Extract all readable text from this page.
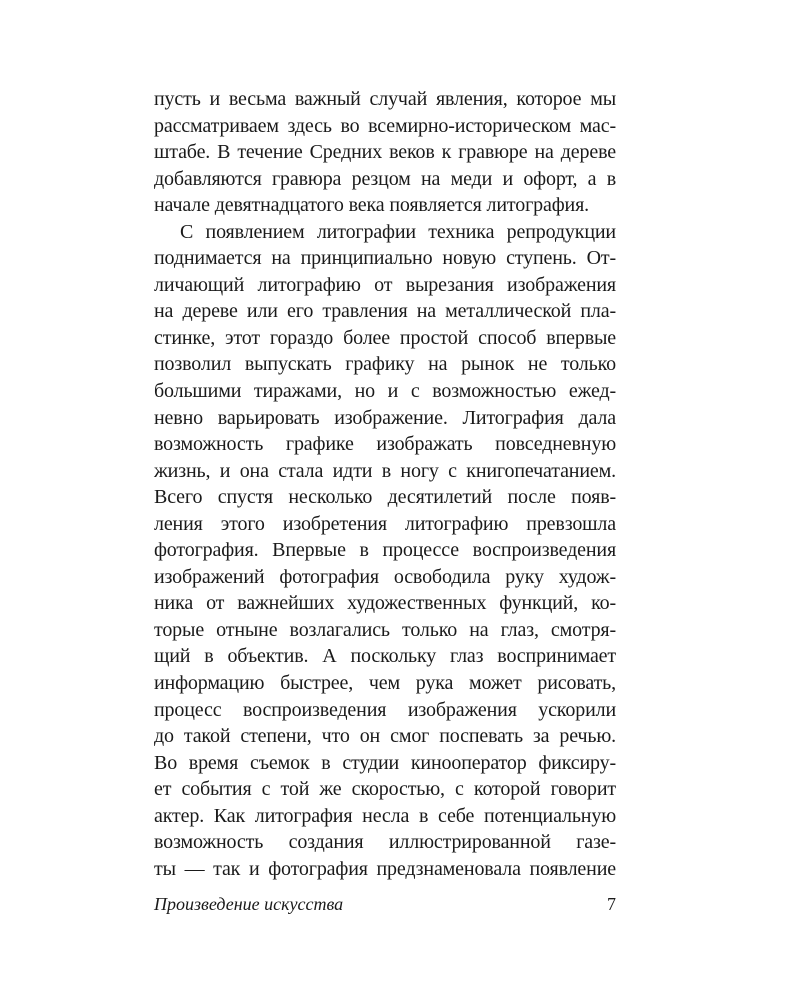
пусть и весьма важный случай явления, которое мы
рассматриваем здесь во всемирно-историческом мас-
штабе. В течение Средних веков к гравюре на дереве
добавляются гравюра резцом на меди и офорт, а в
начале девятнадцатого века появляется литография.
С появлением литографии техника репродукции
поднимается на принципиально новую ступень. От-
личающий литографию от вырезания изображения
на дереве или его травления на металлической пла-
стинке, этот гораздо более простой способ впервые
позволил выпускать графику на рынок не только
большими тиражами, но и с возможностью ежед-
невно варьировать изображение. Литография дала
возможность графике изображать повседневную
жизнь, и она стала идти в ногу с книгопечатанием.
Всего спустя несколько десятилетий после появ-
ления этого изобретения литографию превзошла
фотография. Впервые в процессе воспроизведения
изображений фотография освободила руку худож-
ника от важнейших художественных функций, ко-
торые отныне возлагались только на глаз, смотря-
щий в объектив. А поскольку глаз воспринимает
информацию быстрее, чем рука может рисовать,
процесс воспроизведения изображения ускорили
до такой степени, что он смог поспевать за речью.
Во время съемок в студии кинооператор фиксиру-
ет события с той же скоростью, с которой говорит
актер. Как литография несла в себе потенциальную
возможность создания иллюстрированной газе-
ты — так и фотография предзнаменовала появление
Произведение искусства	7
